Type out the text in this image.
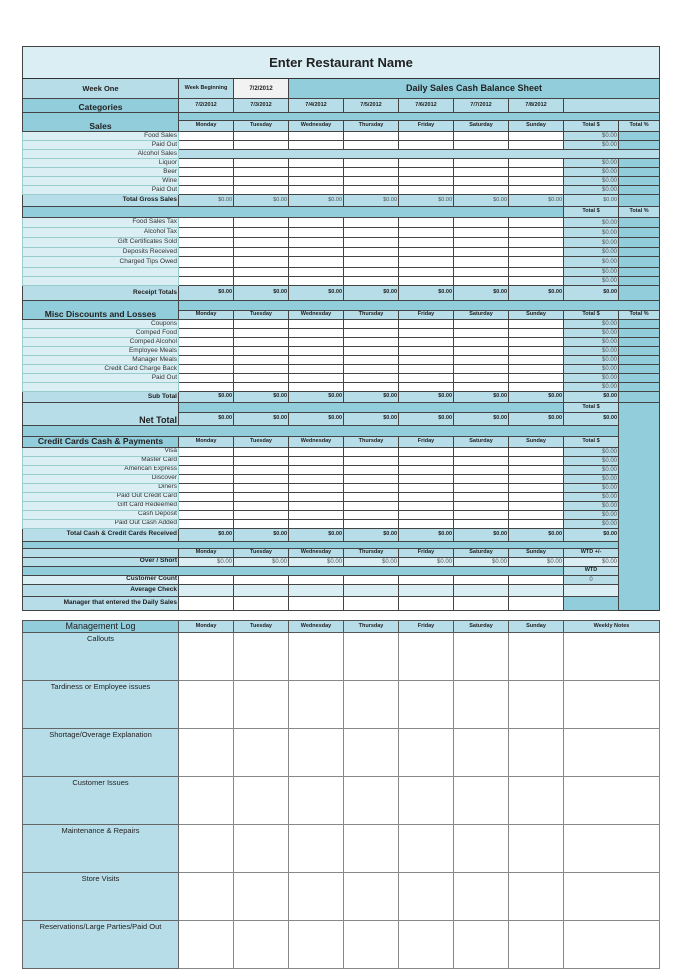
Enter Restaurant Name									
Week One	Week Beginning	7/2/2012	Daily Sales Cash Balance Sheet						
Categories	7/2/2012	7/3/2012	7/4/2012	7/5/2012	7/6/2012	7/7/2012	7/8/2012		
Sales									
	Monday	Tuesday	Wednesday	Thursday	Friday	Saturday	Sunday	Total $	Total %
Food Sales								$0.00	
Paid Out								$0.00	
Alcohol Sales									
Liquor								$0.00	
Beer								$0.00	
Wine								$0.00	
Paid Out								$0.00	
Total Gross Sales	$0.00	$0.00	$0.00	$0.00	$0.00	$0.00	$0.00	$0.00	
								Total $	Total %
Food Sales Tax								$0.00	
Alcohol Tax								$0.00	
Gift Certificates Sold								$0.00	
Deposits Received								$0.00	
Charged Tips Owed								$0.00	
								$0.00	
								$0.00	
Receipt Totals	$0.00	$0.00	$0.00	$0.00	$0.00	$0.00	$0.00	$0.00	
Misc Discounts and Losses									
	Monday	Tuesday	Wednesday	Thursday	Friday	Saturday	Sunday	Total $	Total %
Coupons								$0.00	
Comped Food								$0.00	
Comped Alcohol								$0.00	
Employee Meals								$0.00	
Manager Meals								$0.00	
Credit Card Charge Back								$0.00	
Paid Out								$0.00	
								$0.00	
Sub Total	$0.00	$0.00	$0.00	$0.00	$0.00	$0.00	$0.00	$0.00	
Net Total								Total $	
	$0.00	$0.00	$0.00	$0.00	$0.00	$0.00	$0.00	$0.00	

Credit Cards Cash & Payments	Monday	Tuesday	Wednesday	Thursday	Friday	Saturday	Sunday	Total $	
Visa								$0.00	
Master Card								$0.00	
American Express								$0.00	
Discover								$0.00	
Diners								$0.00	
Paid Out Credit Card								$0.00	
Gift Card Redeemed								$0.00	
Cash Deposit								$0.00	
Paid Out Cash Added								$0.00	
Total Cash & Credit Cards Received	$0.00	$0.00	$0.00	$0.00	$0.00	$0.00	$0.00	$0.00	

	Monday	Tuesday	Wednesday	Thursday	Friday	Saturday	Sunday	WTD +/-	
Over / Short	$0.00	$0.00	$0.00	$0.00	$0.00	$0.00	$0.00	$0.00	
								WTD	
Customer Count								0	
Average Check									
Manager that entered the Daily Sales									
Management Log	Monday	Tuesday	Wednesday	Thursday	Friday	Saturday	Sunday	Weekly Notes
Callouts								
Tardiness or Employee issues								
Shortage/Overage Explanation								
Customer Issues								
Maintenance & Repairs								
Store Visits								
Reservations/Large Parties/Paid Out								
